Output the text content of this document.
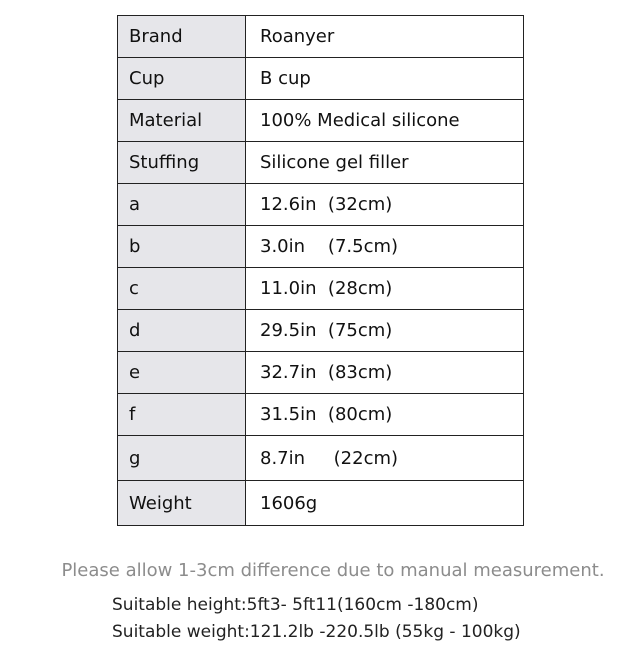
Brand	Roanyer
Cup	B cup
Material	100% Medical silicone
Stuffing	Silicone gel filler
a	12.6in  (32cm)
b	3.0in    (7.5cm)
c	11.0in  (28cm)
d	29.5in  (75cm)
e	32.7in  (83cm)
f	31.5in  (80cm)
g	8.7in     (22cm)
Weight	1606g
Please allow 1-3cm difference due to manual measurement.
Suitable height:5ft3- 5ft11(160cm -180cm)
Suitable weight:121.2lb -220.5lb (55kg - 100kg)
